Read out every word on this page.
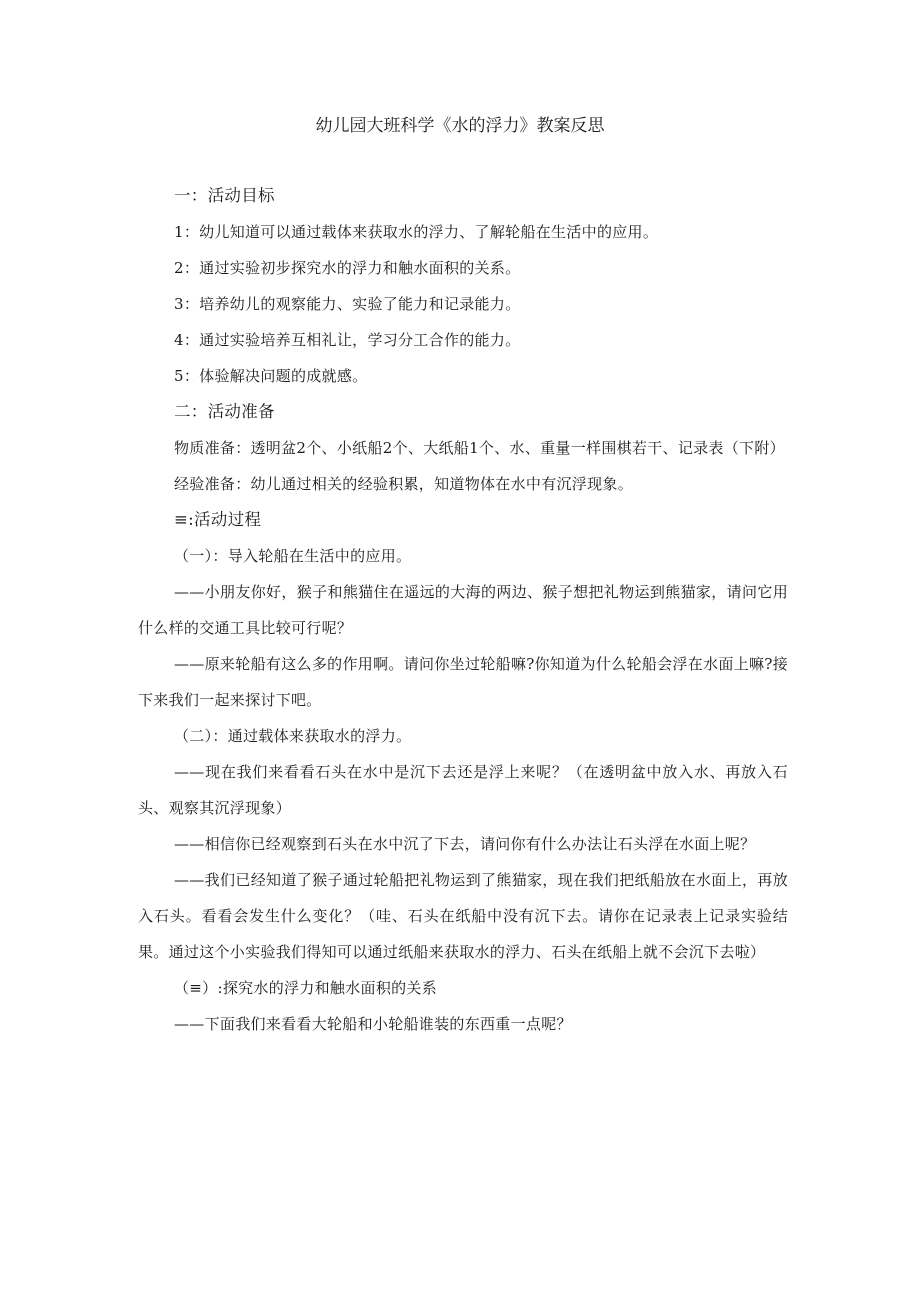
幼儿园大班科学《水的浮力》教案反思

一：活动目标

1：幼儿知道可以通过载体来获取水的浮力、了解轮船在生活中的应用。

2：通过实验初步探究水的浮力和触水面积的关系。

3：培养幼儿的观察能力、实验了能力和记录能力。

4：通过实验培养互相礼让，学习分工合作的能力。

5：体验解决问题的成就感。

二：活动准备

物质准备：透明盆2个、小纸船2个、大纸船1个、水、重量一样围棋若干、记录表（下附）

经验准备：幼儿通过相关的经验积累，知道物体在水中有沉浮现象。

≡:活动过程

（一）：导入轮船在生活中的应用。

——小朋友你好，猴子和熊猫住在遥远的大海的两边、猴子想把礼物运到熊猫家，请问它用什么样的交通工具比较可行呢？

——原来轮船有这么多的作用啊。请问你坐过轮船嘛?你知道为什么轮船会浮在水面上嘛?接下来我们一起来探讨下吧。

（二）：通过载体来获取水的浮力。

——现在我们来看看石头在水中是沉下去还是浮上来呢？（在透明盆中放入水、再放入石头、观察其沉浮现象）

——相信你已经观察到石头在水中沉了下去，请问你有什么办法让石头浮在水面上呢？

——我们已经知道了猴子通过轮船把礼物运到了熊猫家，现在我们把纸船放在水面上，再放入石头。看看会发生什么变化？（哇、石头在纸船中没有沉下去。请你在记录表上记录实验结果。通过这个小实验我们得知可以通过纸船来获取水的浮力、石头在纸船上就不会沉下去啦）

（≡）:探究水的浮力和触水面积的关系

——下面我们来看看大轮船和小轮船谁装的东西重一点呢？
